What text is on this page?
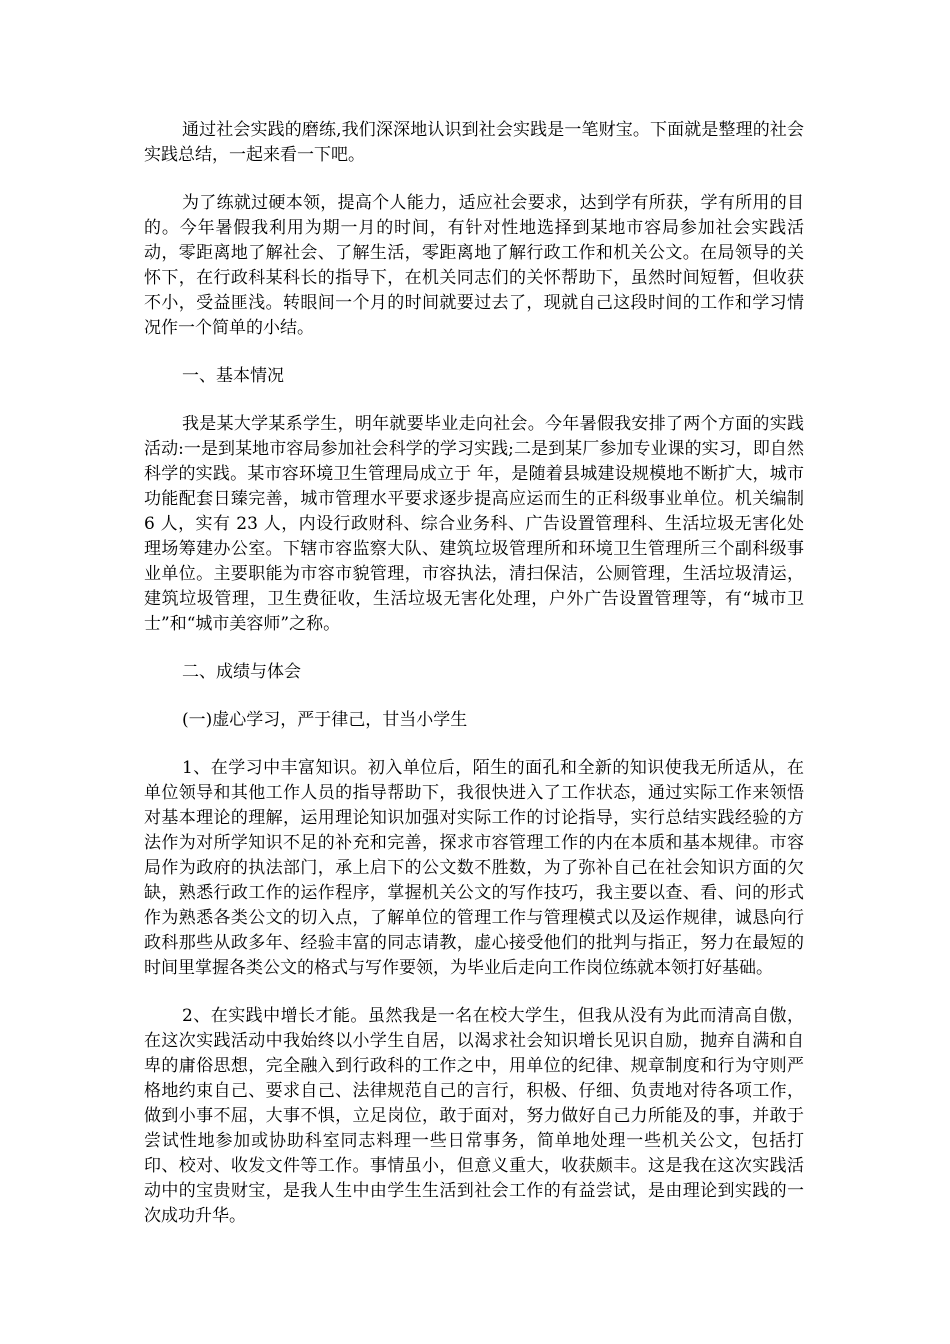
通过社会实践的磨练,我们深深地认识到社会实践是一笔财宝。下面就是整理的社会实践总结，一起来看一下吧。

为了练就过硬本领，提高个人能力，适应社会要求，达到学有所获，学有所用的目的。今年暑假我利用为期一月的时间，有针对性地选择到某地市容局参加社会实践活动，零距离地了解社会、了解生活，零距离地了解行政工作和机关公文。在局领导的关怀下，在行政科某科长的指导下，在机关同志们的关怀帮助下，虽然时间短暂，但收获不小，受益匪浅。转眼间一个月的时间就要过去了，现就自己这段时间的工作和学习情况作一个简单的小结。

一、基本情况

我是某大学某系学生，明年就要毕业走向社会。今年暑假我安排了两个方面的实践活动:一是到某地市容局参加社会科学的学习实践;二是到某厂参加专业课的实习，即自然科学的实践。某市容环境卫生管理局成立于 年，是随着县城建设规模地不断扩大，城市功能配套日臻完善，城市管理水平要求逐步提高应运而生的正科级事业单位。机关编制 6 人，实有 23 人，内设行政财科、综合业务科、广告设置管理科、生活垃圾无害化处理场筹建办公室。下辖市容监察大队、建筑垃圾管理所和环境卫生管理所三个副科级事业单位。主要职能为市容市貌管理，市容执法，清扫保洁，公厕管理，生活垃圾清运，建筑垃圾管理，卫生费征收，生活垃圾无害化处理，户外广告设置管理等，有“城市卫士”和“城市美容师”之称。

二、成绩与体会

(一)虚心学习，严于律己，甘当小学生

1、在学习中丰富知识。初入单位后，陌生的面孔和全新的知识使我无所适从，在单位领导和其他工作人员的指导帮助下，我很快进入了工作状态，通过实际工作来领悟对基本理论的理解，运用理论知识加强对实际工作的讨论指导，实行总结实践经验的方法作为对所学知识不足的补充和完善，探求市容管理工作的内在本质和基本规律。市容局作为政府的执法部门，承上启下的公文数不胜数，为了弥补自己在社会知识方面的欠缺，熟悉行政工作的运作程序，掌握机关公文的写作技巧，我主要以查、看、问的形式作为熟悉各类公文的切入点，了解单位的管理工作与管理模式以及运作规律，诚恳向行政科那些从政多年、经验丰富的同志请教，虚心接受他们的批判与指正，努力在最短的时间里掌握各类公文的格式与写作要领，为毕业后走向工作岗位练就本领打好基础。

2、在实践中增长才能。虽然我是一名在校大学生，但我从没有为此而清高自傲，在这次实践活动中我始终以小学生自居，以渴求社会知识增长见识自励，抛弃自满和自卑的庸俗思想，完全融入到行政科的工作之中，用单位的纪律、规章制度和行为守则严格地约束自己、要求自己、法律规范自己的言行，积极、仔细、负责地对待各项工作，做到小事不屈，大事不惧，立足岗位，敢于面对，努力做好自己力所能及的事，并敢于尝试性地参加或协助科室同志料理一些日常事务，简单地处理一些机关公文，包括打印、校对、收发文件等工作。事情虽小，但意义重大，收获颇丰。这是我在这次实践活动中的宝贵财宝，是我人生中由学生生活到社会工作的有益尝试，是由理论到实践的一次成功升华。
